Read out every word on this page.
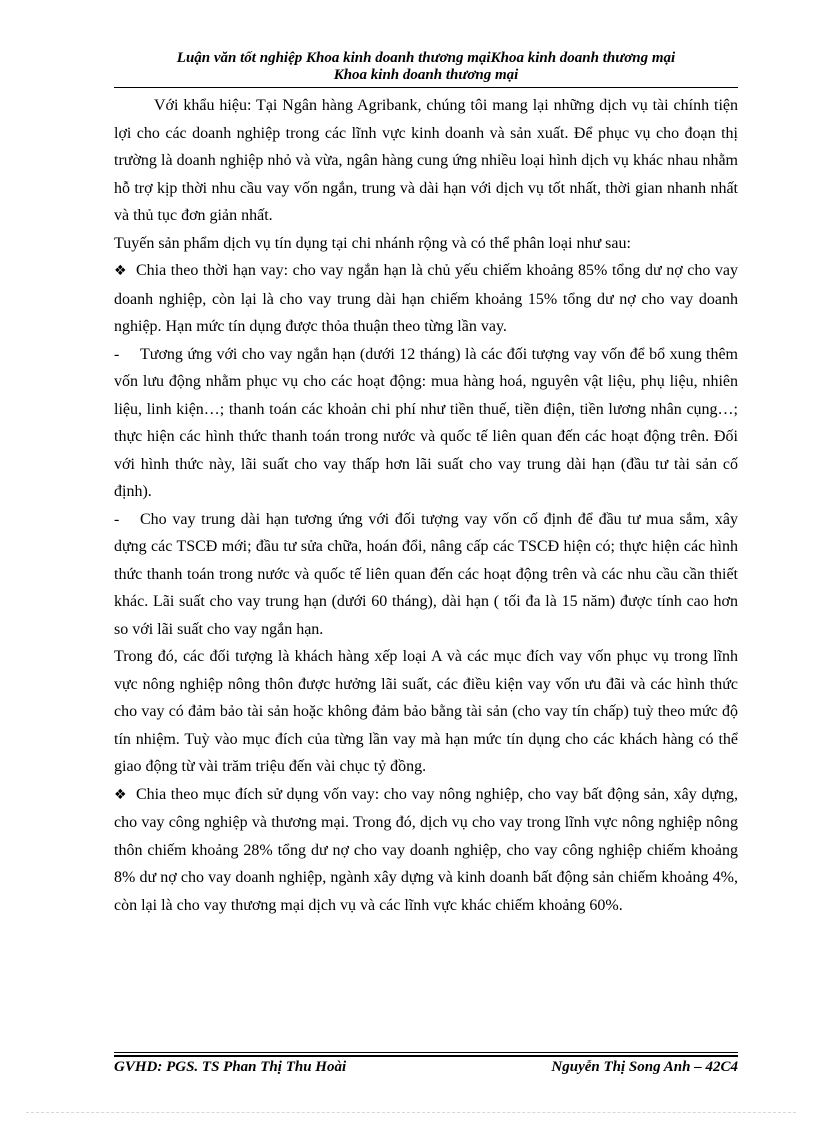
Luận văn tốt nghiệp Khoa kinh doanh thương mạiKhoa kinh doanh thương mại
Khoa kinh doanh thương mại

Với khẩu hiệu: Tại Ngân hàng Agribank, chúng tôi mang lại những dịch vụ tài chính tiện lợi cho các doanh nghiệp trong các lĩnh vực kinh doanh và sản xuất. Để phục vụ cho đoạn thị trường là doanh nghiệp nhỏ và vừa, ngân hàng cung ứng nhiều loại hình dịch vụ khác nhau nhằm hỗ trợ kịp thời nhu cầu vay vốn ngắn, trung và dài hạn với dịch vụ tốt nhất, thời gian nhanh nhất và thủ tục đơn giản nhất.

Tuyến sản phẩm dịch vụ tín dụng tại chi nhánh rộng và có thể phân loại như sau:

❖ Chia theo thời hạn vay: cho vay ngắn hạn là chủ yếu chiếm khoảng 85% tổng dư nợ cho vay doanh nghiệp, còn lại là cho vay trung dài hạn chiếm khoảng 15% tổng dư nợ cho vay doanh nghiệp. Hạn mức tín dụng được thỏa thuận theo từng lần vay.

- Tương ứng với cho vay ngắn hạn (dưới 12 tháng) là các đối tượng vay vốn để bổ xung thêm vốn lưu động nhằm phục vụ cho các hoạt động: mua hàng hoá, nguyên vật liệu, phụ liệu, nhiên liệu, linh kiện…; thanh toán các khoản chi phí như tiền thuế, tiền điện, tiền lương nhân cụng…; thực hiện các hình thức thanh toán trong nước và quốc tế liên quan đến các hoạt động trên. Đối với hình thức này, lãi suất cho vay thấp hơn lãi suất cho vay trung dài hạn (đầu tư tài sản cố định).

- Cho vay trung dài hạn tương ứng với đối tượng vay vốn cố định để đầu tư mua sắm, xây dựng các TSCĐ mới; đầu tư sửa chữa, hoán đổi, nâng cấp các TSCĐ hiện có; thực hiện các hình thức thanh toán trong nước và quốc tế liên quan đến các hoạt động trên và các nhu cầu cần thiết khác. Lãi suất cho vay trung hạn (dưới 60 tháng), dài hạn ( tối đa là 15 năm) được tính cao hơn so với lãi suất cho vay ngắn hạn.

Trong đó, các đối tượng là khách hàng xếp loại A và các mục đích vay vốn phục vụ trong lĩnh vực nông nghiệp nông thôn được hưởng lãi suất, các điều kiện vay vốn ưu đãi và các hình thức cho vay có đảm bảo tài sản hoặc không đảm bảo bằng tài sản (cho vay tín chấp) tuỳ theo mức độ tín nhiệm. Tuỳ vào mục đích của từng lần vay mà hạn mức tín dụng cho các khách hàng có thể giao động từ vài trăm triệu đến vài chục tỷ đồng.

❖ Chia theo mục đích sử dụng vốn vay: cho vay nông nghiệp, cho vay bất động sản, xây dựng, cho vay công nghiệp và thương mại. Trong đó, dịch vụ cho vay trong lĩnh vực nông nghiệp nông thôn chiếm khoảng 28% tổng dư nợ cho vay doanh nghiệp, cho vay công nghiệp chiếm khoảng 8% dư nợ cho vay doanh nghiệp, ngành xây dựng và kinh doanh bất động sản chiếm khoảng 4%, còn lại là cho vay thương mại dịch vụ và các lĩnh vực khác chiếm khoảng 60%.

GVHD: PGS. TS Phan Thị Thu Hoài	Nguyễn Thị Song Anh – 42C4
